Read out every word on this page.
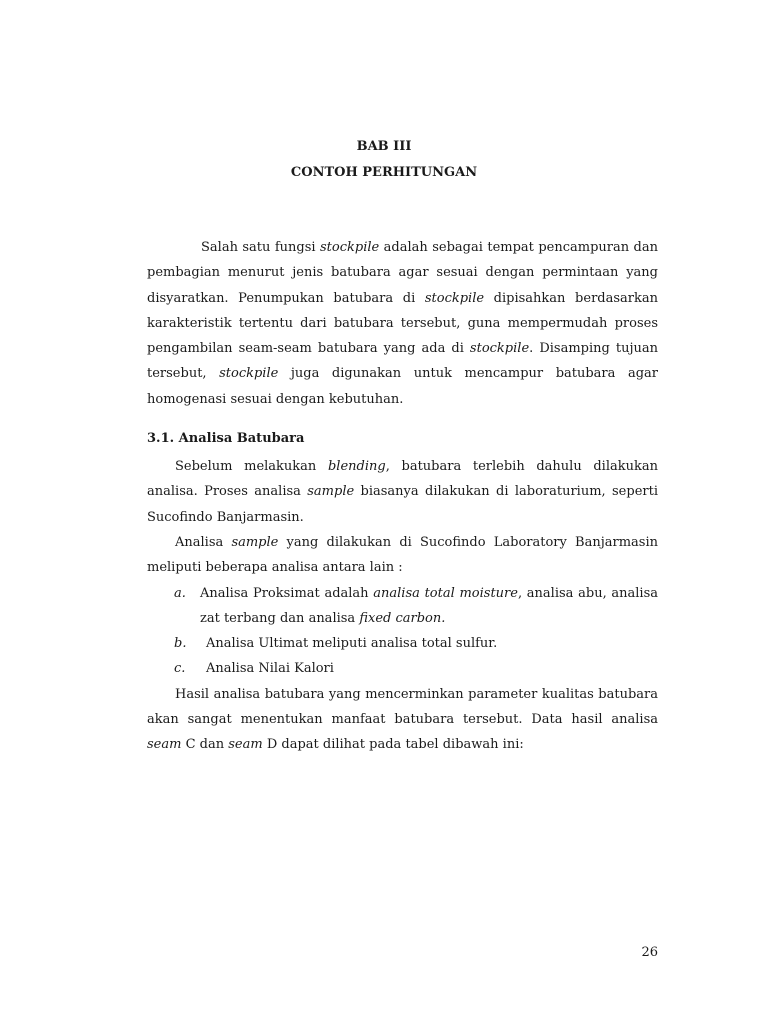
BAB III
CONTOH PERHITUNGAN

Salah satu fungsi stockpile adalah sebagai tempat pencampuran dan pembagian menurut jenis batubara agar sesuai dengan permintaan yang disyaratkan. Penumpukan batubara di stockpile dipisahkan berdasarkan karakteristik tertentu dari batubara tersebut, guna mempermudah proses pengambilan seam-seam batubara yang ada di stockpile. Disamping tujuan tersebut, stockpile juga digunakan untuk mencampur batubara agar homogenasi sesuai dengan kebutuhan.

3.1. Analisa Batubara

Sebelum melakukan blending, batubara terlebih dahulu dilakukan analisa. Proses analisa sample biasanya dilakukan di laboraturium, seperti Sucofindo Banjarmasin.

Analisa sample yang dilakukan di Sucofindo Laboratory Banjarmasin meliputi beberapa analisa antara lain :

a.	Analisa Proksimat adalah analisa total moisture, analisa abu, analisa zat terbang dan analisa fixed carbon.
b.	Analisa Ultimat meliputi analisa total sulfur.
c.	Analisa Nilai Kalori

Hasil analisa batubara yang mencerminkan parameter kualitas batubara akan sangat menentukan manfaat batubara tersebut. Data hasil analisa seam C dan seam D dapat dilihat pada tabel dibawah ini:

26
